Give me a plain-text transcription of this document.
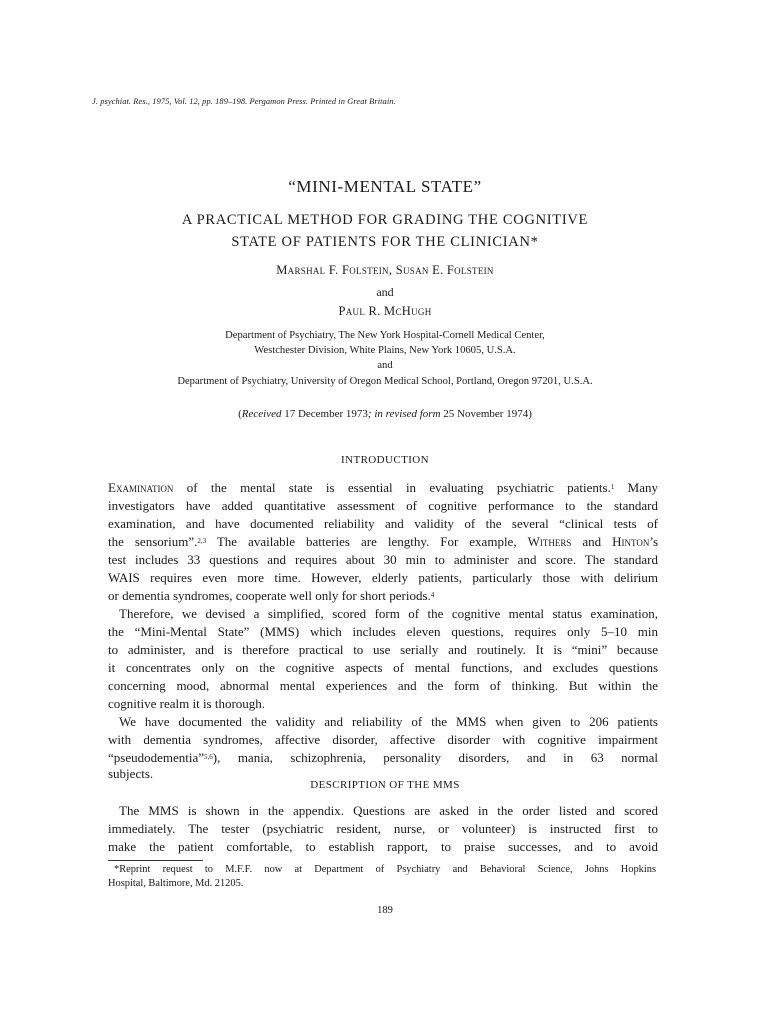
J. psychiat. Res., 1975, Vol. 12, pp. 189–198. Pergamon Press. Printed in Great Britain.
“MINI-MENTAL STATE”
A PRACTICAL METHOD FOR GRADING THE COGNITIVE
STATE OF PATIENTS FOR THE CLINICIAN*
Marshal F. Folstein, Susan E. Folstein
and
Paul R. McHugh
Department of Psychiatry, The New York Hospital-Cornell Medical Center,
Westchester Division, White Plains, New York 10605, U.S.A.
and
Department of Psychiatry, University of Oregon Medical School, Portland, Oregon 97201, U.S.A.
(Received 17 December 1973; in revised form 25 November 1974)
INTRODUCTION
Examination of the mental state is essential in evaluating psychiatric patients.$^1$ Many
investigators have added quantitative assessment of cognitive performance to the standard
examination, and have documented reliability and validity of the several “clinical tests of
the sensorium”.$^{2,3}$ The available batteries are lengthy. For example, Withers and Hinton’s
test includes 33 questions and requires about 30 min to administer and score. The standard
WAIS requires even more time. However, elderly patients, particularly those with delirium
or dementia syndromes, cooperate well only for short periods.$^4$
Therefore, we devised a simplified, scored form of the cognitive mental status examination,
the “Mini-Mental State” (MMS) which includes eleven questions, requires only 5–10 min
to administer, and is therefore practical to use serially and routinely. It is “mini” because
it concentrates only on the cognitive aspects of mental functions, and excludes questions
concerning mood, abnormal mental experiences and the form of thinking. But within the
cognitive realm it is thorough.
We have documented the validity and reliability of the MMS when given to 206 patients
with dementia syndromes, affective disorder, affective disorder with cognitive impairment
“pseudodementia”$^{5,6}$), mania, schizophrenia, personality disorders, and in 63 normal
subjects.
DESCRIPTION OF THE MMS
The MMS is shown in the appendix. Questions are asked in the order listed and scored
immediately. The tester (psychiatric resident, nurse, or volunteer) is instructed first to
make the patient comfortable, to establish rapport, to praise successes, and to avoid
*Reprint request to M.F.F. now at Department of Psychiatry and Behavioral Science, Johns Hopkins
Hospital, Baltimore, Md. 21205.
189
